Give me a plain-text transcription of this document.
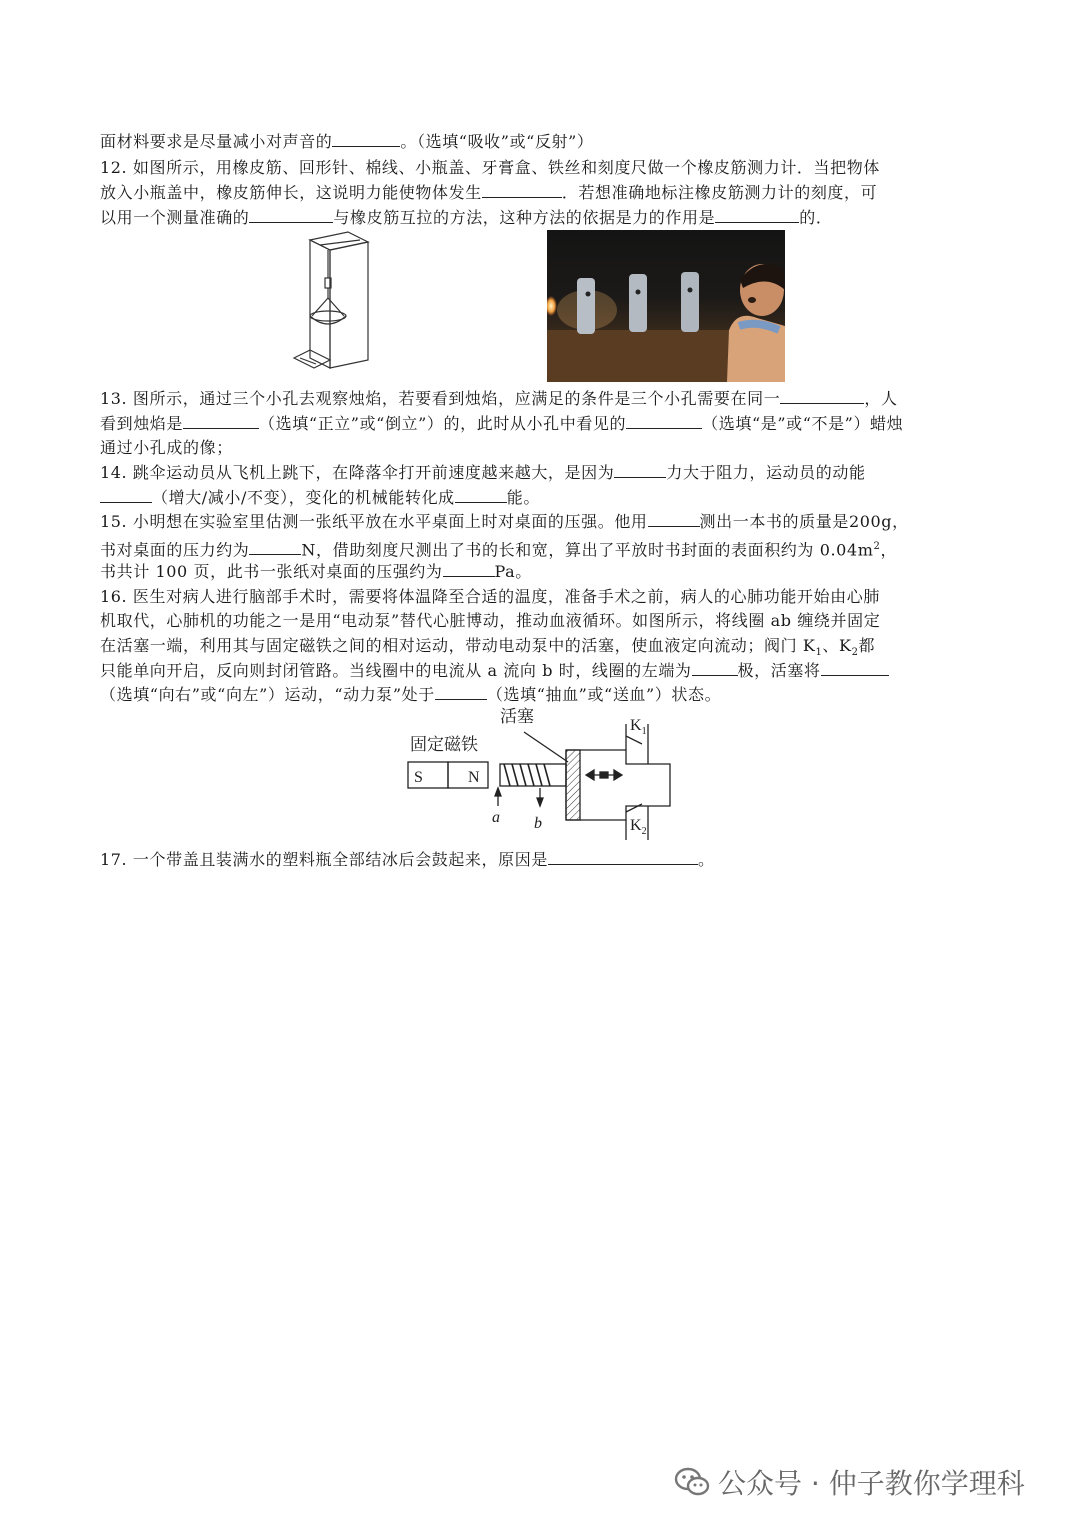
面材料要求是尽量减小对声音的	。（选填“吸收”或“反射”）
12. 如图所示，用橡皮筋、回形针、棉线、小瓶盖、牙膏盒、铁丝和刻度尺做一个橡皮筋测力计．当把物体
放入小瓶盖中，橡皮筋伸长，这说明力能使物体发生	．若想准确地标注橡皮筋测力计的刻度，可
以用一个测量准确的	与橡皮筋互拉的方法，这种方法的依据是力的作用是	的．
13. 图所示，通过三个小孔去观察烛焰，若要看到烛焰，应满足的条件是三个小孔需要在同一	，人
看到烛焰是	（选填“正立”或“倒立”）的，此时从小孔中看见的	（选填“是”或“不是”）蜡烛
通过小孔成的像；
14. 跳伞运动员从飞机上跳下，在降落伞打开前速度越来越大，是因为	力大于阻力，运动员的动能
（增大/减小/不变），变化的机械能转化成	能。
15. 小明想在实验室里估测一张纸平放在水平桌面上时对桌面的压强。他用	测出一本书的质量是200g，
书对桌面的压力约为	N，借助刻度尺测出了书的长和宽，算出了平放时书封面的表面积约为 $0.04m^2$，
书共计 100 页，此书一张纸对桌面的压强约为	Pa。
16. 医生对病人进行脑部手术时，需要将体温降至合适的温度，准备手术之前，病人的心肺功能开始由心肺
机取代，心肺机的功能之一是用“电动泵”替代心脏博动，推动血液循环。如图所示，将线圈 ab 缠绕并固定
在活塞一端，利用其与固定磁铁之间的相对运动，带动电动泵中的活塞，使血液定向流动；阀门 $K_1$、$K_2$都
只能单向开启，反向则封闭管路。当线圈中的电流从 a 流向 b 时，线圈的左端为	极，活塞将
（选填“向右”或“向左”）运动，“动力泵”处于	（选填“抽血”或“送血”）状态。
活塞
固定磁铁
S	N
$K_1$
$K_2$
a b
17. 一个带盖且装满水的塑料瓶全部结冰后会鼓起来，原因是	。
公众号 · 仲子教你学理科
